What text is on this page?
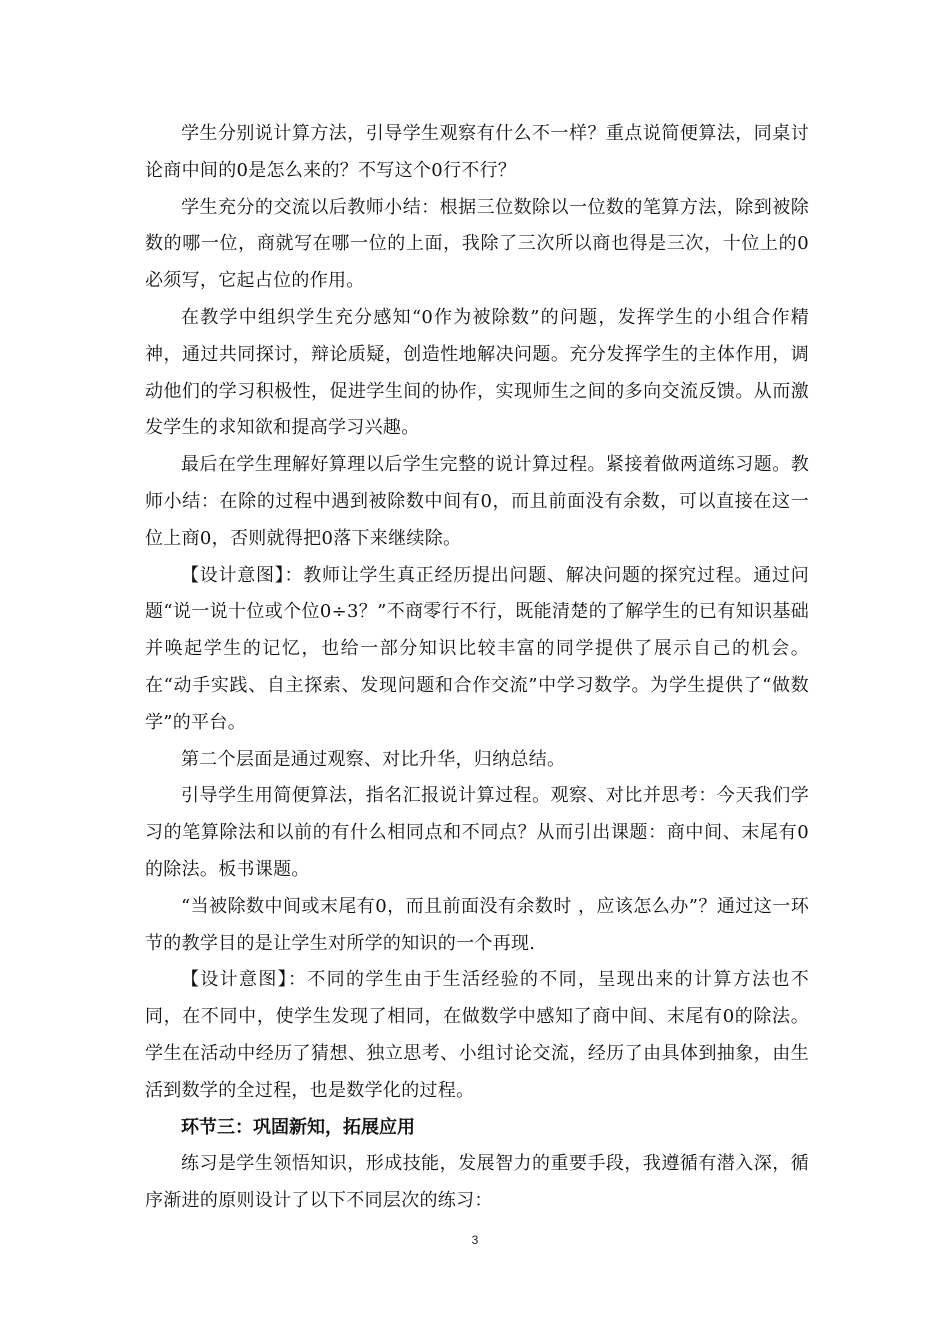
学生分别说计算方法，引导学生观察有什么不一样？重点说简便算法，同桌讨论商中间的0是怎么来的？不写这个0行不行？

学生充分的交流以后教师小结：根据三位数除以一位数的笔算方法，除到被除数的哪一位，商就写在哪一位的上面，我除了三次所以商也得是三次，十位上的0必须写，它起占位的作用。

在教学中组织学生充分感知“0作为被除数”的问题，发挥学生的小组合作精神，通过共同探讨，辩论质疑，创造性地解决问题。充分发挥学生的主体作用，调动他们的学习积极性，促进学生间的协作，实现师生之间的多向交流反馈。从而激发学生的求知欲和提高学习兴趣。

最后在学生理解好算理以后学生完整的说计算过程。紧接着做两道练习题。教师小结：在除的过程中遇到被除数中间有0，而且前面没有余数，可以直接在这一位上商0，否则就得把0落下来继续除。

【设计意图】：教师让学生真正经历提出问题、解决问题的探究过程。通过问题“说一说十位或个位0÷3？”不商零行不行，既能清楚的了解学生的已有知识基础并唤起学生的记忆，也给一部分知识比较丰富的同学提供了展示自己的机会。在“动手实践、自主探索、发现问题和合作交流”中学习数学。为学生提供了“做数学”的平台。

第二个层面是通过观察、对比升华，归纳总结。

引导学生用简便算法，指名汇报说计算过程。观察、对比并思考：今天我们学习的笔算除法和以前的有什么相同点和不同点？从而引出课题：商中间、末尾有0的除法。板书课题。

“当被除数中间或末尾有0，而且前面没有余数时 ，应该怎么办”？通过这一环节的教学目的是让学生对所学的知识的一个再现.

【设计意图】：不同的学生由于生活经验的不同，呈现出来的计算方法也不同，在不同中，使学生发现了相同，在做数学中感知了商中间、末尾有0的除法。学生在活动中经历了猜想、独立思考、小组讨论交流，经历了由具体到抽象，由生活到数学的全过程，也是数学化的过程。

环节三：巩固新知，拓展应用

练习是学生领悟知识，形成技能，发展智力的重要手段，我遵循有潜入深，循序渐进的原则设计了以下不同层次的练习：

3
